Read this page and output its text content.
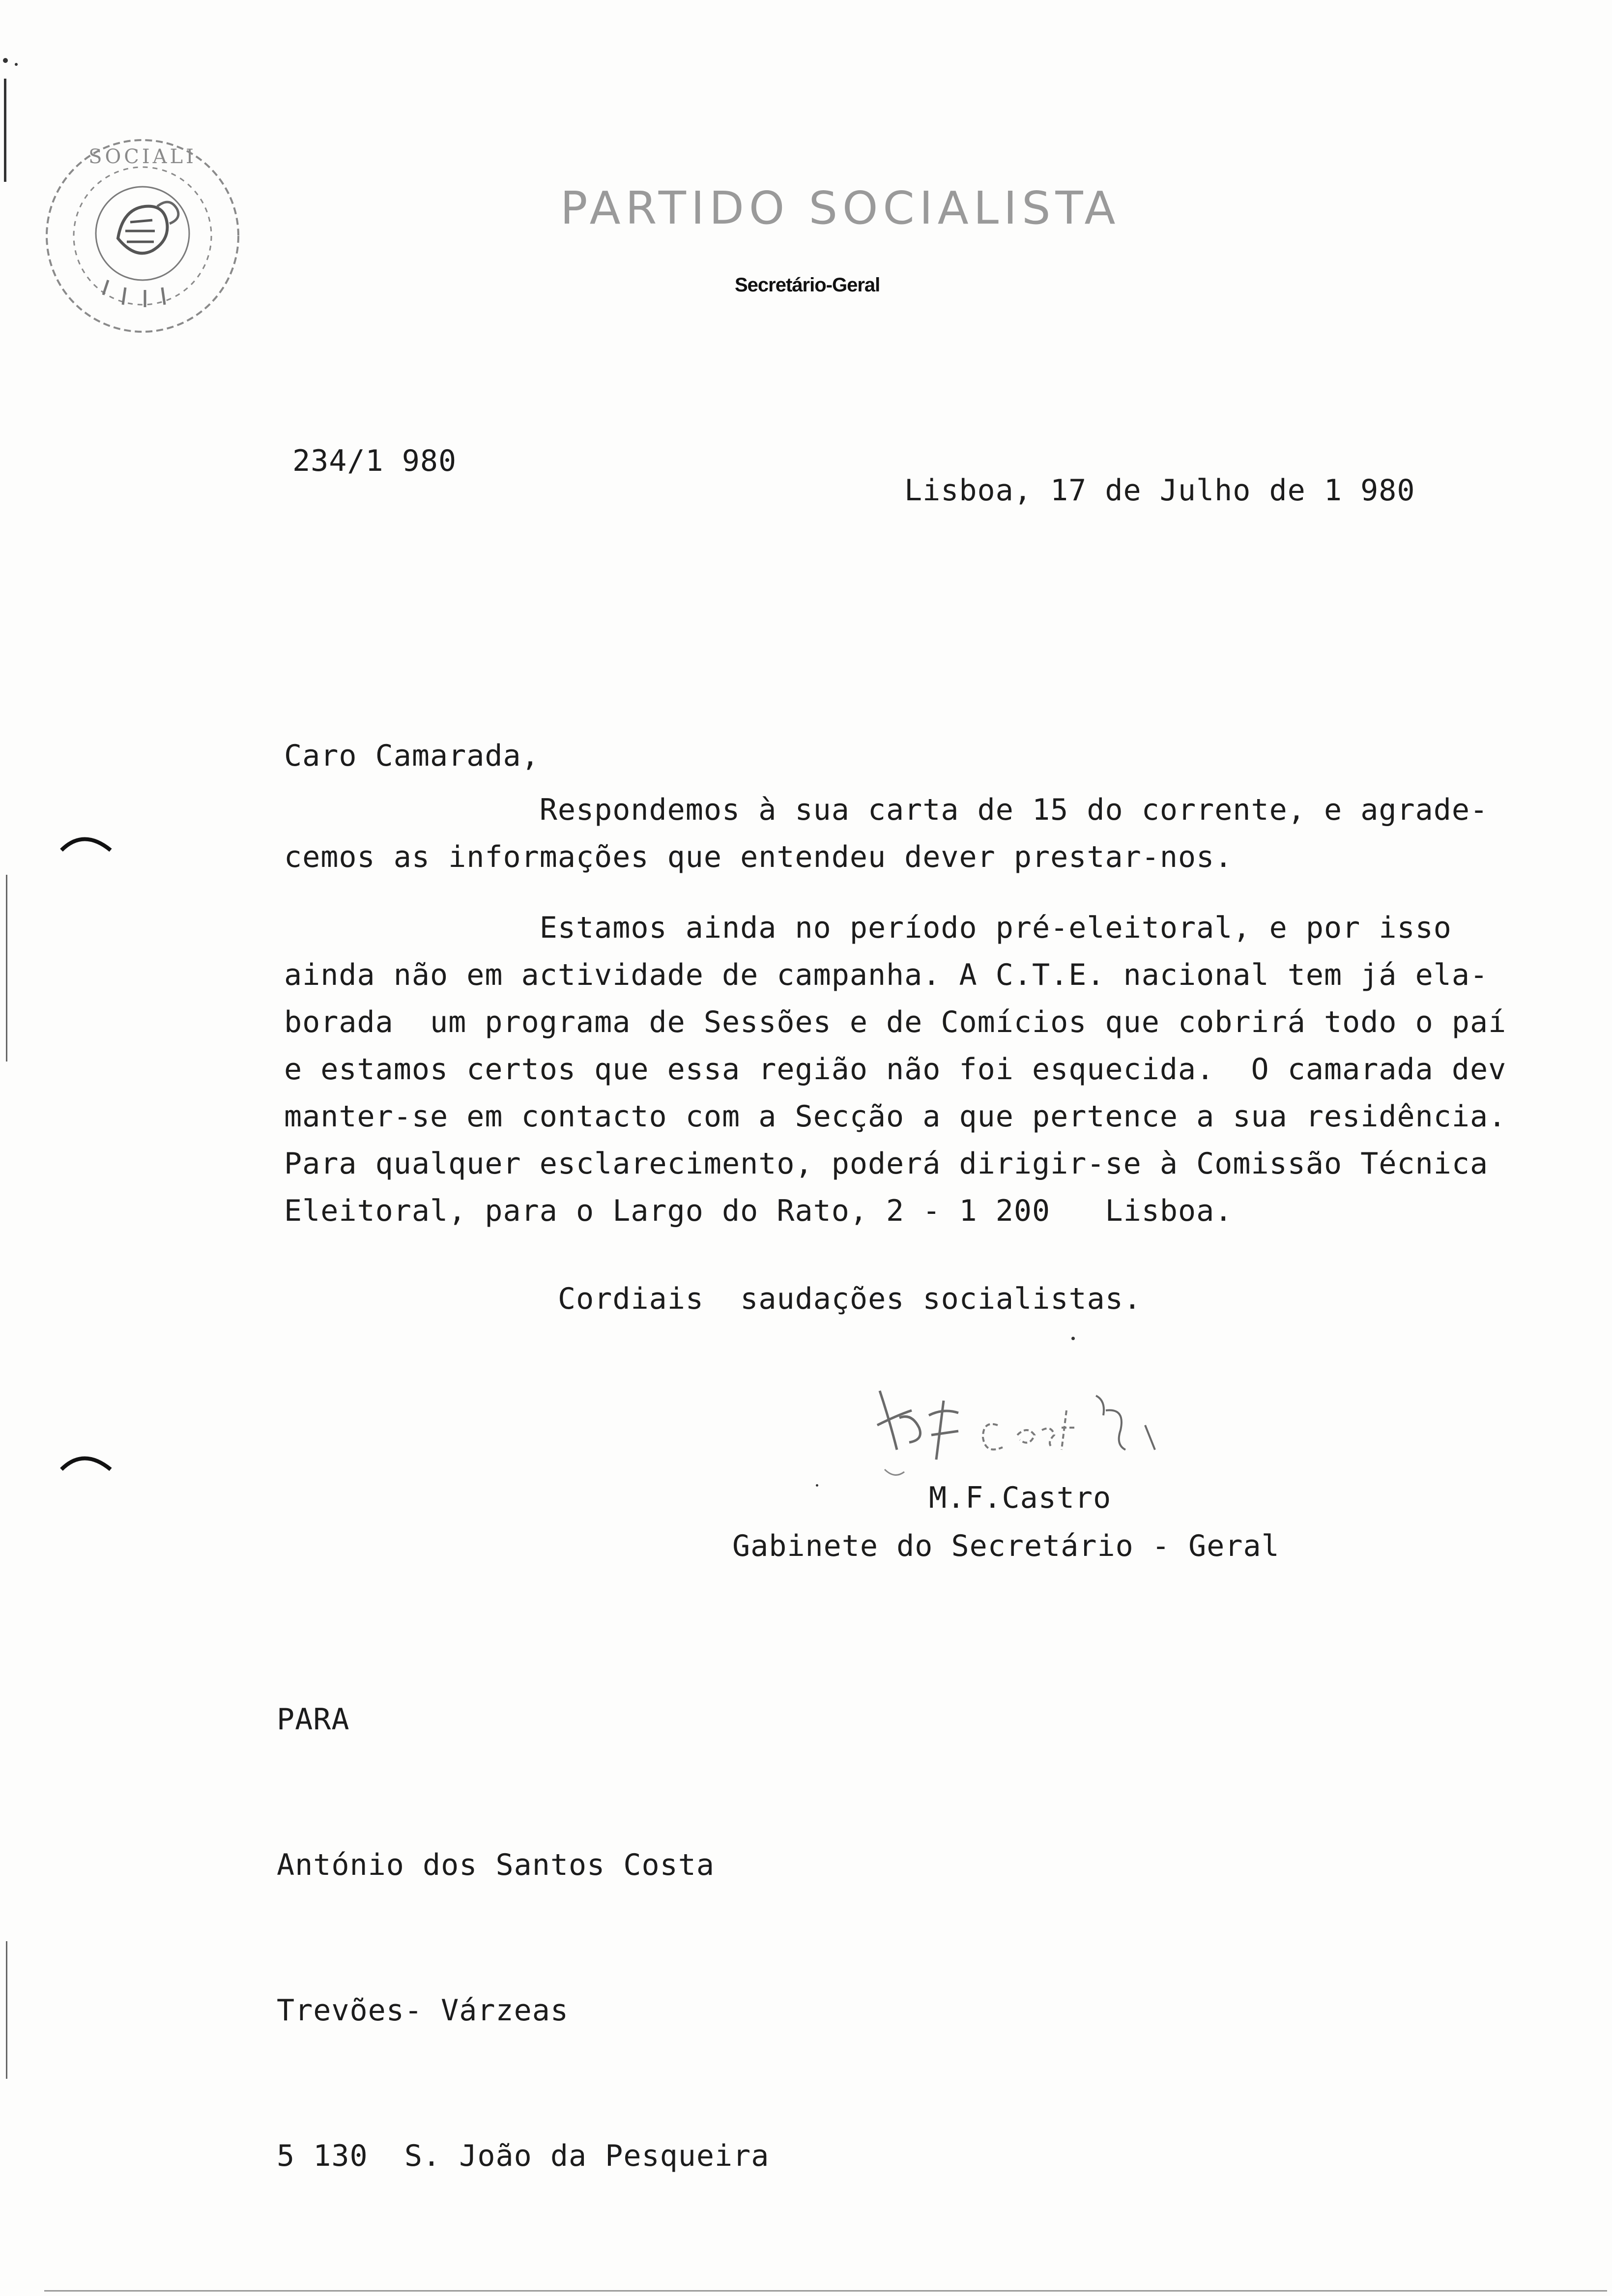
SOCIALI
PARTIDO SOCIALISTA
Secretário-Geral
234/1 980
Lisboa, 17 de Julho de 1 980
Caro Camarada,
Respondemos à sua carta de 15 do corrente, e agrade-
cemos as informações que entendeu dever prestar-nos.
Estamos ainda no período pré-eleitoral, e por isso
ainda não em actividade de campanha. A C.T.E. nacional tem já ela-
borada  um programa de Sessões e de Comícios que cobrirá todo o paí
e estamos certos que essa região não foi esquecida.  O camarada dev
manter-se em contacto com a Secção a que pertence a sua residência.
Para qualquer esclarecimento, poderá dirigir-se à Comissão Técnica
Eleitoral, para o Largo do Rato, 2 - 1 200   Lisboa.
Cordiais  saudações socialistas.
M.F.Castro
Gabinete do Secretário - Geral

PARA

António dos Santos Costa

Trevões- Várzeas

5 130  S. João da Pesqueira
